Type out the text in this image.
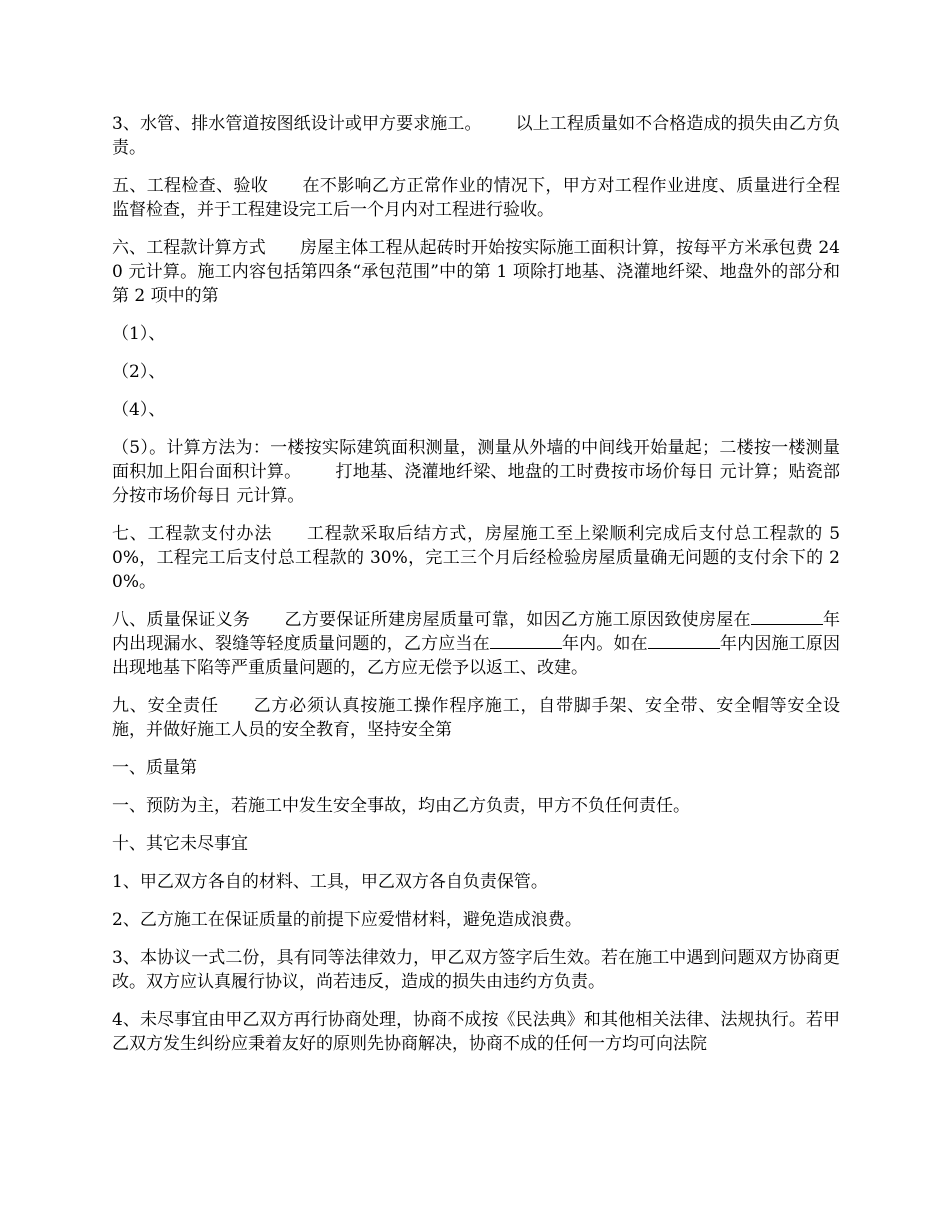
3、水管、排水管道按图纸设计或甲方要求施工。 以上工程质量如不合格造成的损失由乙方负责。

五、工程检查、验收 在不影响乙方正常作业的情况下，甲方对工程作业进度、质量进行全程监督检查，并于工程建设完工后一个月内对工程进行验收。

六、工程款计算方式 房屋主体工程从起砖时开始按实际施工面积计算，按每平方米承包费 240 元计算。施工内容包括第四条“承包范围”中的第 1 项除打地基、浇灌地纤梁、地盘外的部分和第 2 项中的第

（1）、

（2）、

（4）、

（5）。计算方法为：一楼按实际建筑面积测量，测量从外墙的中间线开始量起；二楼按一楼测量面积加上阳台面积计算。 打地基、浇灌地纤梁、地盘的工时费按市场价每日 元计算；贴瓷部分按市场价每日 元计算。

七、工程款支付办法 工程款采取后结方式，房屋施工至上梁顺利完成后支付总工程款的 50%，工程完工后支付总工程款的 30%，完工三个月后经检验房屋质量确无问题的支付余下的 20%。

八、质量保证义务 乙方要保证所建房屋质量可靠，如因乙方施工原因致使房屋在	年内出现漏水、裂缝等轻度质量问题的，乙方应当在	年内。如在	年内因施工原因出现地基下陷等严重质量问题的，乙方应无偿予以返工、改建。

九、安全责任 乙方必须认真按施工操作程序施工，自带脚手架、安全带、安全帽等安全设施，并做好施工人员的安全教育，坚持安全第

一、质量第

一、预防为主，若施工中发生安全事故，均由乙方负责，甲方不负任何责任。

十、其它未尽事宜

1、甲乙双方各自的材料、工具，甲乙双方各自负责保管。

2、乙方施工在保证质量的前提下应爱惜材料，避免造成浪费。

3、本协议一式二份，具有同等法律效力，甲乙双方签字后生效。若在施工中遇到问题双方协商更改。双方应认真履行协议，尚若违反，造成的损失由违约方负责。

4、未尽事宜由甲乙双方再行协商处理，协商不成按《民法典》和其他相关法律、法规执行。若甲乙双方发生纠纷应秉着友好的原则先协商解决，协商不成的任何一方均可向法院
